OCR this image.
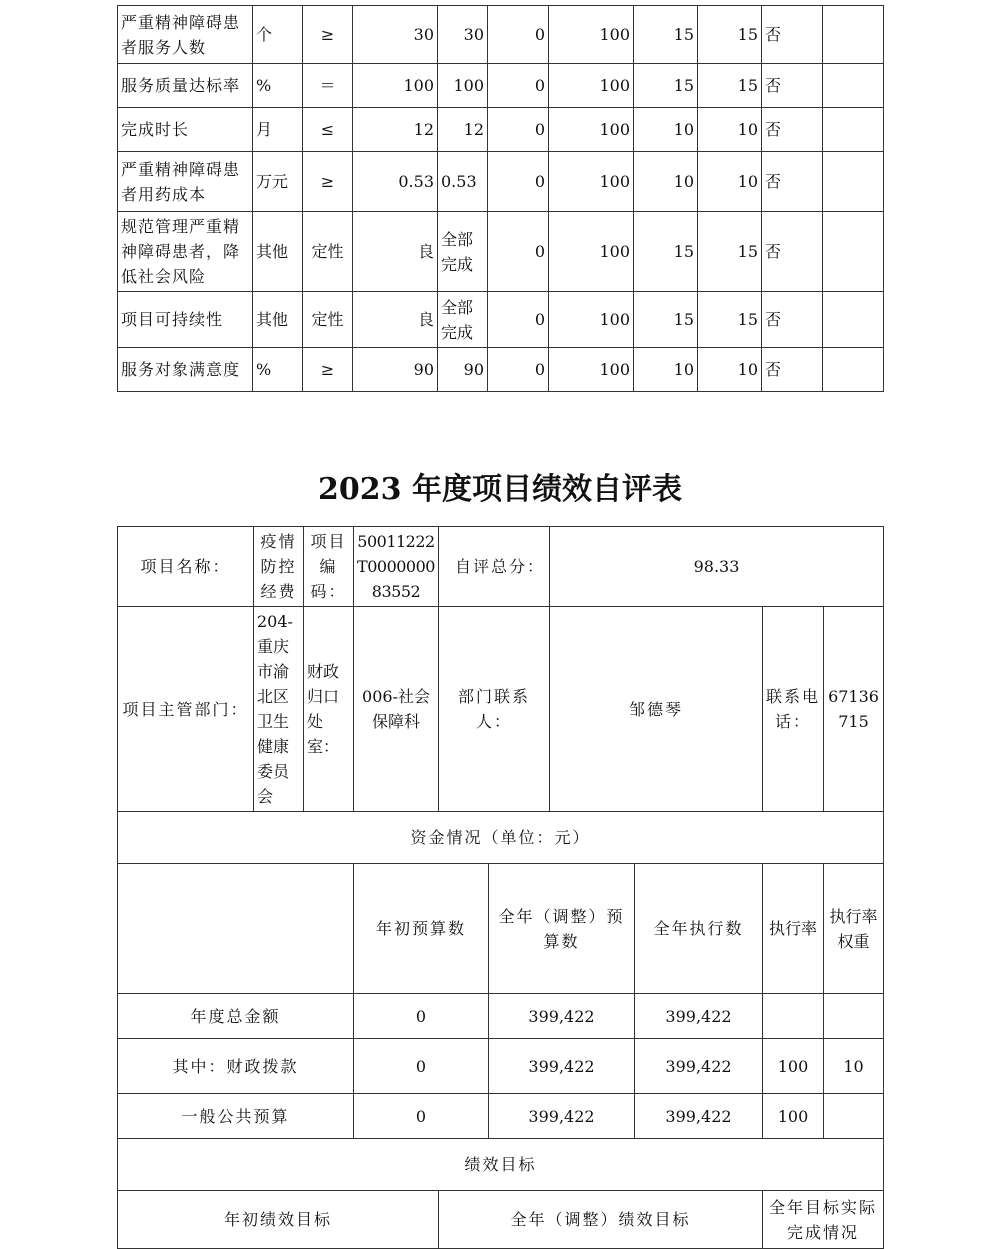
严重精神障碍患者服务人数	个	≥	30	30	0	100	15	15	否	
服务质量达标率	%	＝	100	100	0	100	15	15	否	
完成时长	月	≤	12	12	0	100	10	10	否	
严重精神障碍患者用药成本	万元	≥	0.53	0.53	0	100	10	10	否	
规范管理严重精神障碍患者，降低社会风险	其他	定性	良	全部完成	0	100	15	15	否	
项目可持续性	其他	定性	良	全部完成	0	100	15	15	否	
服务对象满意度	%	≥	90	90	0	100	10	10	否	
2023 年度项目绩效自评表
项目名称：	疫情防控经费	项目编码：	50011222T000000083552	自评总分：		98.33				
项目主管部门：	204-重庆市渝北区卫生健康委员会	财政归口处室：	006-社会保障科	部门联系人：		邹德琴		联系电话：	67136715	
资金情况（单位：元）										
			年初预算数		全年（调整）预算数		全年执行数	执行率	执行率权重	
年度总金额			0		399,422		399,422			
其中：财政拨款			0		399,422		399,422	100	10	
一般公共预算			0		399,422		399,422	100		
绩效目标										
年初绩效目标				全年（调整）绩效目标				全年目标实际完成情况		
